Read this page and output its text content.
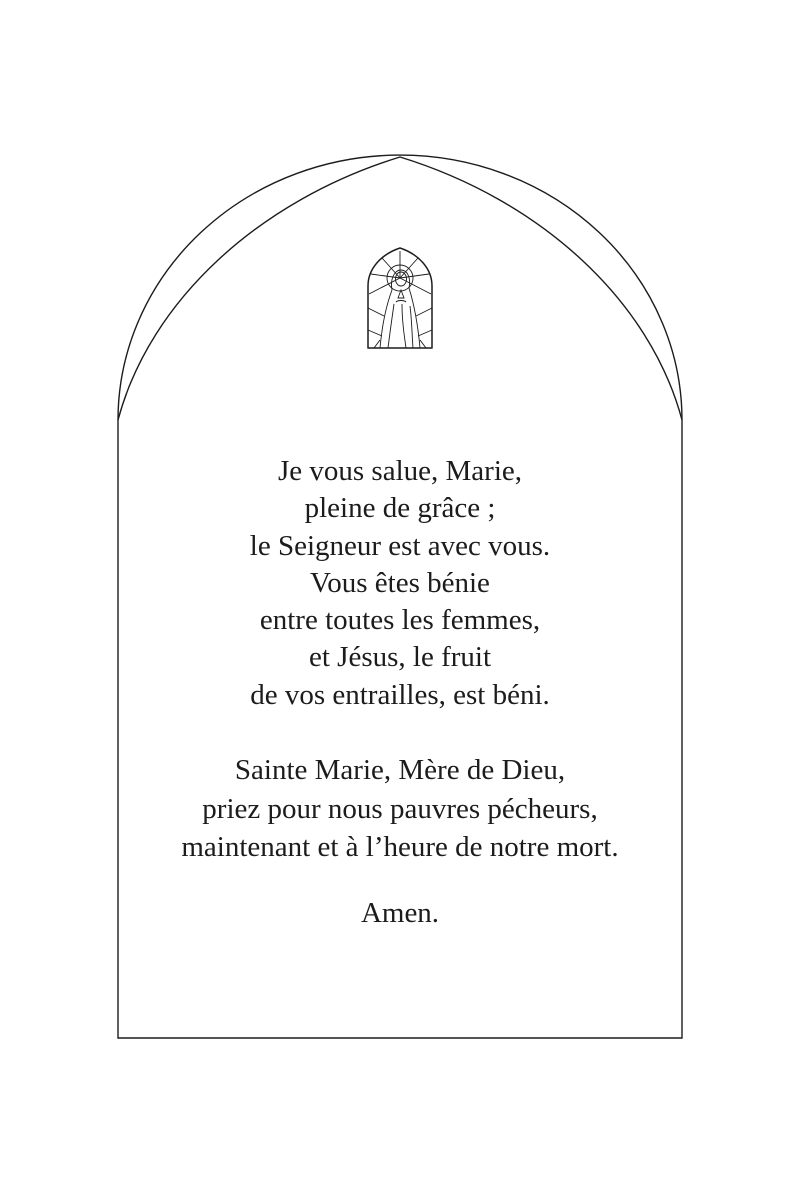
Je vous salue, Marie,
pleine de grâce ;
le Seigneur est avec vous.
Vous êtes bénie
entre toutes les femmes,
et Jésus, le fruit
de vos entrailles, est béni.
Sainte Marie, Mère de Dieu,
priez pour nous pauvres pécheurs,
maintenant et à l’heure de notre mort.
Amen.
